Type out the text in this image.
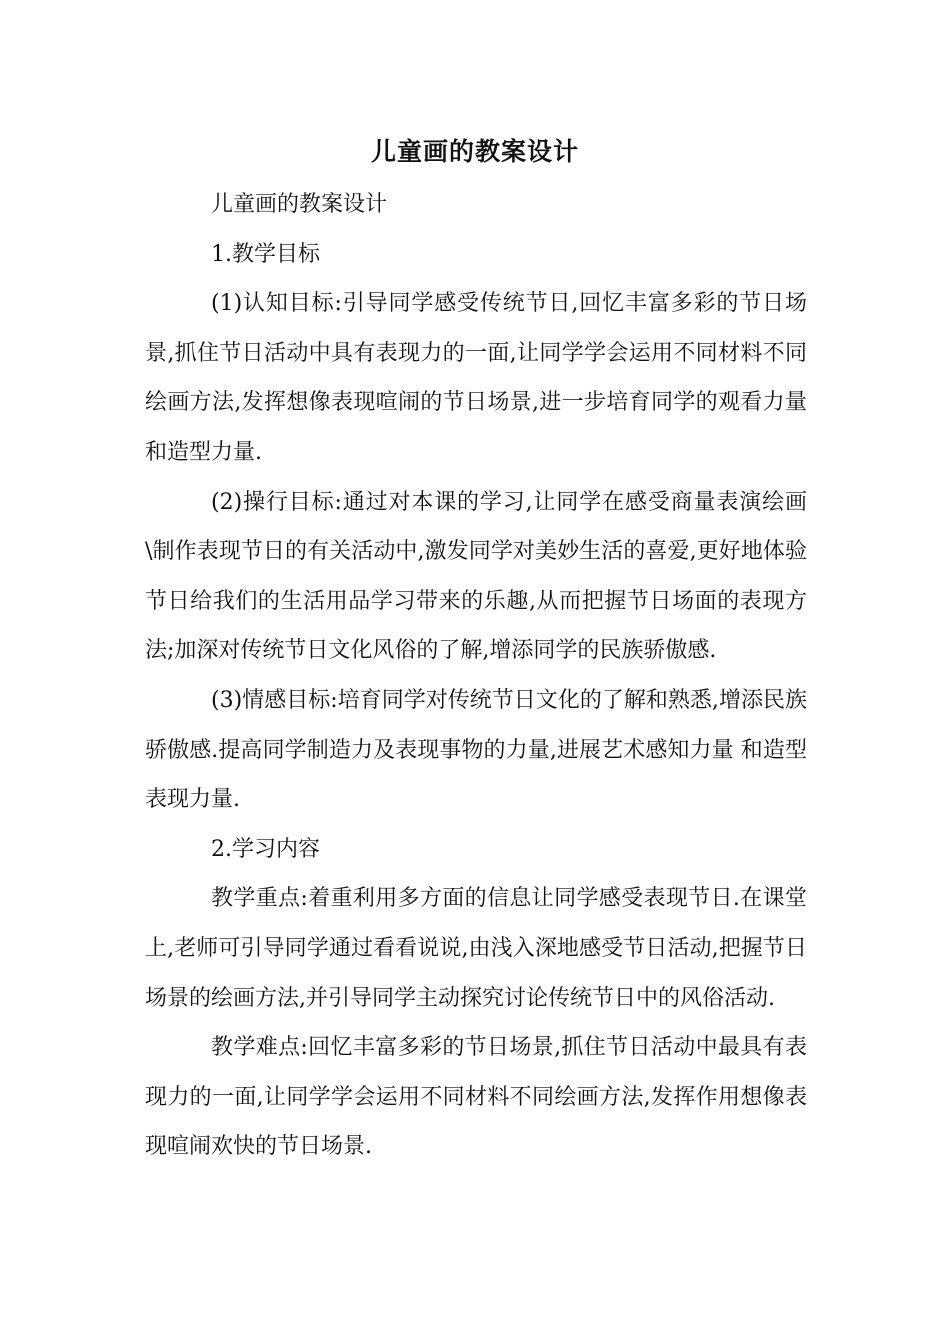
儿童画的教案设计

儿童画的教案设计

1.教学目标

(1)认知目标:引导同学感受传统节日,回忆丰富多彩的节日场景,抓住节日活动中具有表现力的一面,让同学学会运用不同材料不同绘画方法,发挥想像表现喧闹的节日场景,进一步培育同学的观看力量和造型力量.

(2)操行目标:通过对本课的学习,让同学在感受商量表演绘画\制作表现节日的有关活动中,激发同学对美妙生活的喜爱,更好地体验节日给我们的生活用品学习带来的乐趣,从而把握节日场面的表现方法;加深对传统节日文化风俗的了解,增添同学的民族骄傲感.

(3)情感目标:培育同学对传统节日文化的了解和熟悉,增添民族骄傲感.提高同学制造力及表现事物的力量,进展艺术感知力量 和造型表现力量.

2.学习内容

教学重点:着重利用多方面的信息让同学感受表现节日.在课堂上,老师可引导同学通过看看说说,由浅入深地感受节日活动,把握节日场景的绘画方法,并引导同学主动探究讨论传统节日中的风俗活动.

教学难点:回忆丰富多彩的节日场景,抓住节日活动中最具有表现力的一面,让同学学会运用不同材料不同绘画方法,发挥作用想像表现喧闹欢快的节日场景.
